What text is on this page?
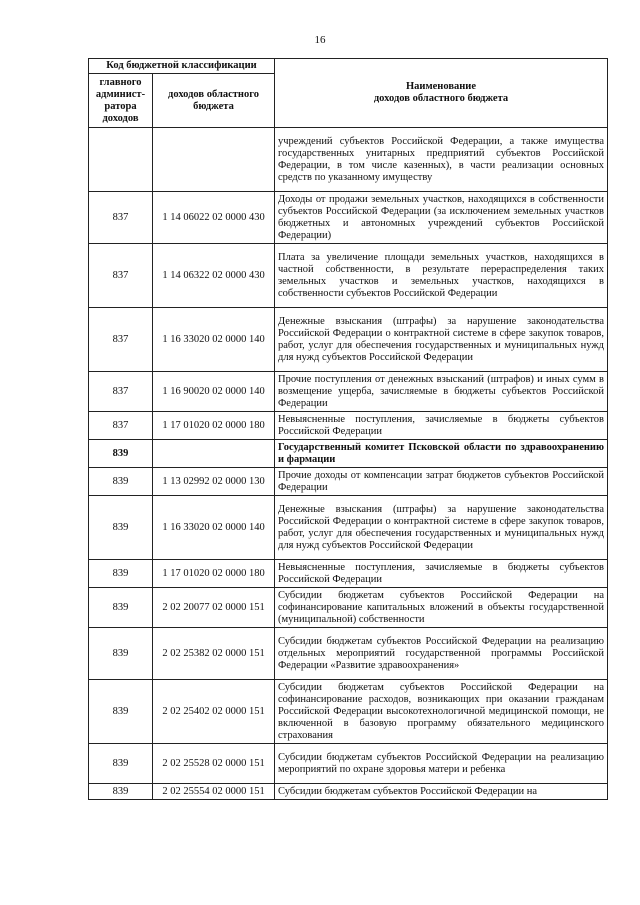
16
Код бюджетной классификации		Наименование
доходов областного бюджета

главного админист-ратора доходов	доходов областного бюджета	
		учреждений субъектов Российской Федерации, а также имущества государственных унитарных предприятий субъектов Российской Федерации, в том числе казенных), в части реализации основных средств по указанному имуществу
837	1 14 06022 02 0000 430	Доходы от продажи земельных участков, находящихся в собственности субъектов Российской Федерации (за исключением земельных участков бюджетных и автономных учреждений субъектов Российской Федерации)
837	1 14 06322 02 0000 430	Плата за увеличение площади земельных участков, находящихся в частной собственности, в результате перераспределения таких земельных участков и земельных участков, находящихся в собственности субъектов Российской Федерации
837	1 16 33020 02 0000 140	Денежные взыскания (штрафы) за нарушение законодательства Российской Федерации о контрактной системе в сфере закупок товаров, работ, услуг для обеспечения государственных и муниципальных нужд для нужд субъектов Российской Федерации
837	1 16 90020 02 0000 140	Прочие поступления от денежных взысканий (штрафов) и иных сумм в возмещение ущерба, зачисляемые в бюджеты субъектов Российской Федерации
837	1 17 01020 02 0000 180	Невыясненные поступления, зачисляемые в бюджеты субъектов Российской Федерации
839		Государственный комитет Псковской области по здравоохранению и фармации
839	1 13 02992 02 0000 130	Прочие доходы от компенсации затрат бюджетов субъектов Российской Федерации
839	1 16 33020 02 0000 140	Денежные взыскания (штрафы) за нарушение законодательства Российской Федерации о контрактной системе в сфере закупок товаров, работ, услуг для обеспечения государственных и муниципальных нужд для нужд субъектов Российской Федерации
839	1 17 01020 02 0000 180	Невыясненные поступления, зачисляемые в бюджеты субъектов Российской Федерации
839	2 02 20077 02 0000 151	Субсидии бюджетам субъектов Российской Федерации на софинансирование капитальных вложений в объекты государственной (муниципальной) собственности
839	2 02 25382 02 0000 151	Субсидии бюджетам субъектов Российской Федерации на реализацию отдельных мероприятий государственной программы Российской Федерации «Развитие здравоохранения»
839	2 02 25402 02 0000 151	Субсидии бюджетам субъектов Российской Федерации на софинансирование расходов, возникающих при оказании гражданам Российской Федерации высокотехнологичной медицинской помощи, не включенной в базовую программу обязательного медицинского страхования
839	2 02 25528 02 0000 151	Субсидии бюджетам субъектов Российской Федерации на реализацию мероприятий по охране здоровья матери и ребенка
839	2 02 25554 02 0000 151	Субсидии бюджетам субъектов Российской Федерации на
